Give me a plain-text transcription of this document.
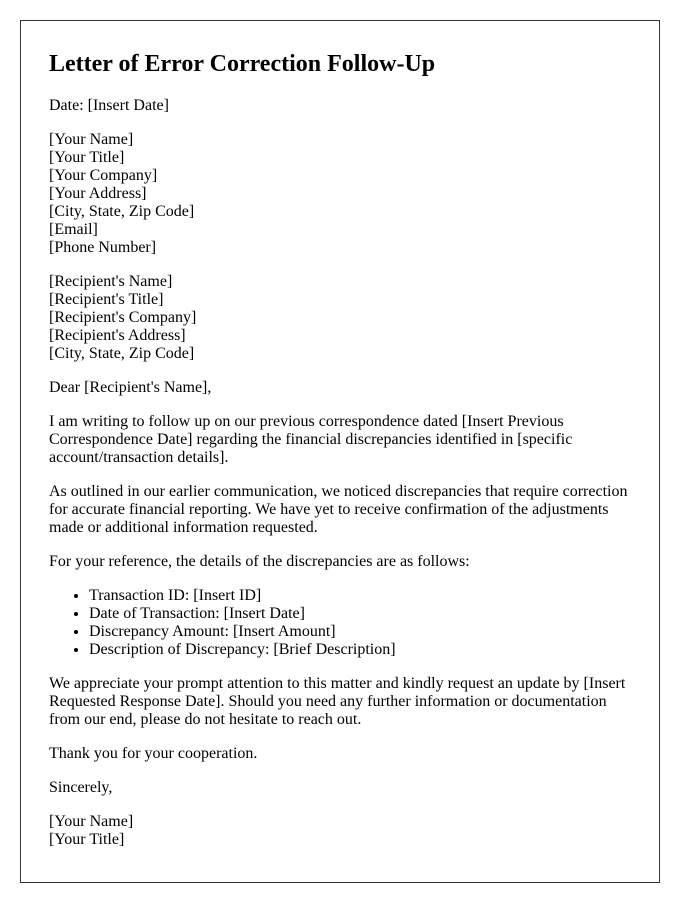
Letter of Error Correction Follow-Up

Date: [Insert Date]

[Your Name]

[Your Title]

[Your Company]

[Your Address]

[City, State, Zip Code]

[Email]

[Phone Number]

[Recipient's Name]

[Recipient's Title]

[Recipient's Company]

[Recipient's Address]

[City, State, Zip Code]

Dear [Recipient's Name],

I am writing to follow up on our previous correspondence dated [Insert Previous Correspondence Date] regarding the financial discrepancies identified in [specific account/transaction details].

As outlined in our earlier communication, we noticed discrepancies that require correction for accurate financial reporting. We have yet to receive confirmation of the adjustments made or additional information requested.

For your reference, the details of the discrepancies are as follows:

• Transaction ID: [Insert ID]
• Date of Transaction: [Insert Date]
• Discrepancy Amount: [Insert Amount]
• Description of Discrepancy: [Brief Description]

We appreciate your prompt attention to this matter and kindly request an update by [Insert Requested Response Date]. Should you need any further information or documentation from our end, please do not hesitate to reach out.

Thank you for your cooperation.

Sincerely,

[Your Name]

[Your Title]
